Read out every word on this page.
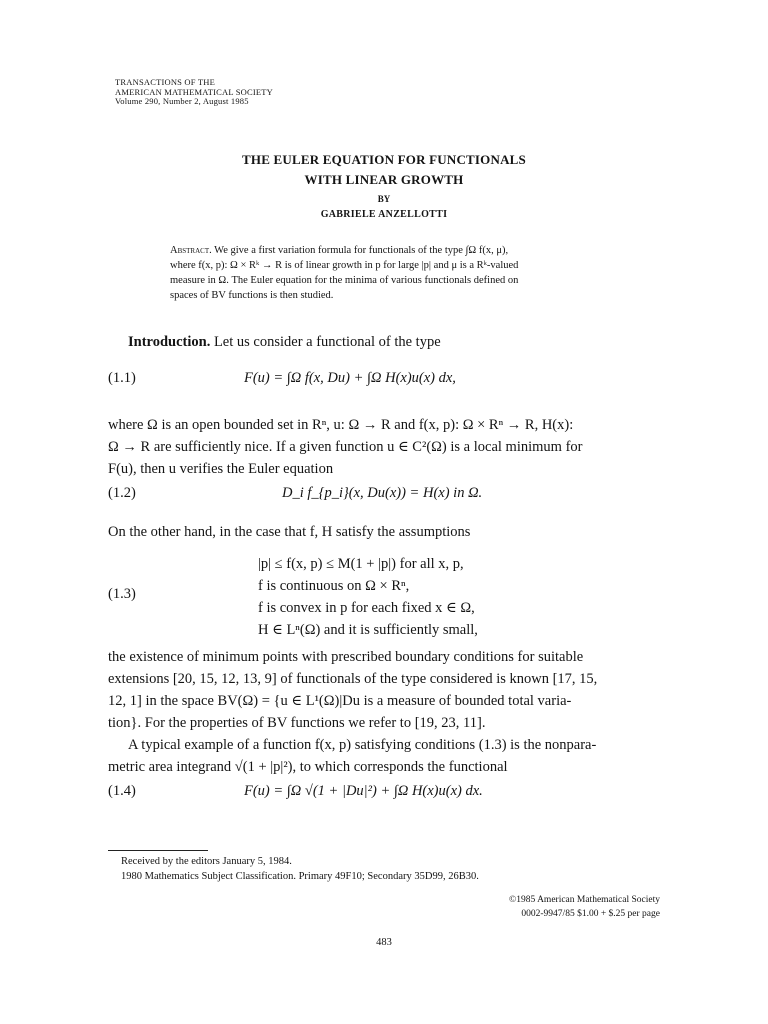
TRANSACTIONS OF THE
AMERICAN MATHEMATICAL SOCIETY
Volume 290, Number 2, August 1985
THE EULER EQUATION FOR FUNCTIONALS
WITH LINEAR GROWTH
BY
GABRIELE ANZELLOTTI
Abstract. We give a first variation formula for functionals of the type ∫Ω f(x, μ),
where f(x, p): Ω × Rᵏ → R is of linear growth in p for large |p| and μ is a Rᵏ-valued
measure in Ω. The Euler equation for the minima of various functionals defined on
spaces of BV functions is then studied.
Introduction. Let us consider a functional of the type
(1.1)	F(u) = ∫Ω f(x, Du) + ∫Ω H(x)u(x) dx,
where Ω is an open bounded set in Rⁿ, u: Ω → R and f(x, p): Ω × Rⁿ → R, H(x):
Ω → R are sufficiently nice. If a given function u ∈ C²(Ω) is a local minimum for
F(u), then u verifies the Euler equation
(1.2)	D_i f_{p_i}(x, Du(x)) = H(x) in Ω.
On the other hand, in the case that f, H satisfy the assumptions
(1.3)
|p| ≤ f(x, p) ≤ M(1 + |p|) for all x, p,
f is continuous on Ω × Rⁿ,
f is convex in p for each fixed x ∈ Ω,
H ∈ Lⁿ(Ω) and it is sufficiently small,
the existence of minimum points with prescribed boundary conditions for suitable
extensions [20, 15, 12, 13, 9] of functionals of the type considered is known [17, 15,
12, 1] in the space BV(Ω) = {u ∈ L¹(Ω)|Du is a measure of bounded total varia-
tion}. For the properties of BV functions we refer to [19, 23, 11].
A typical example of a function f(x, p) satisfying conditions (1.3) is the nonpara-
metric area integrand √(1 + |p|²), to which corresponds the functional
(1.4)	F(u) = ∫Ω √(1 + |Du|²) + ∫Ω H(x)u(x) dx.
Received by the editors January 5, 1984.
1980 Mathematics Subject Classification. Primary 49F10; Secondary 35D99, 26B30.
©1985 American Mathematical Society
0002-9947/85 $1.00 + $.25 per page
483
